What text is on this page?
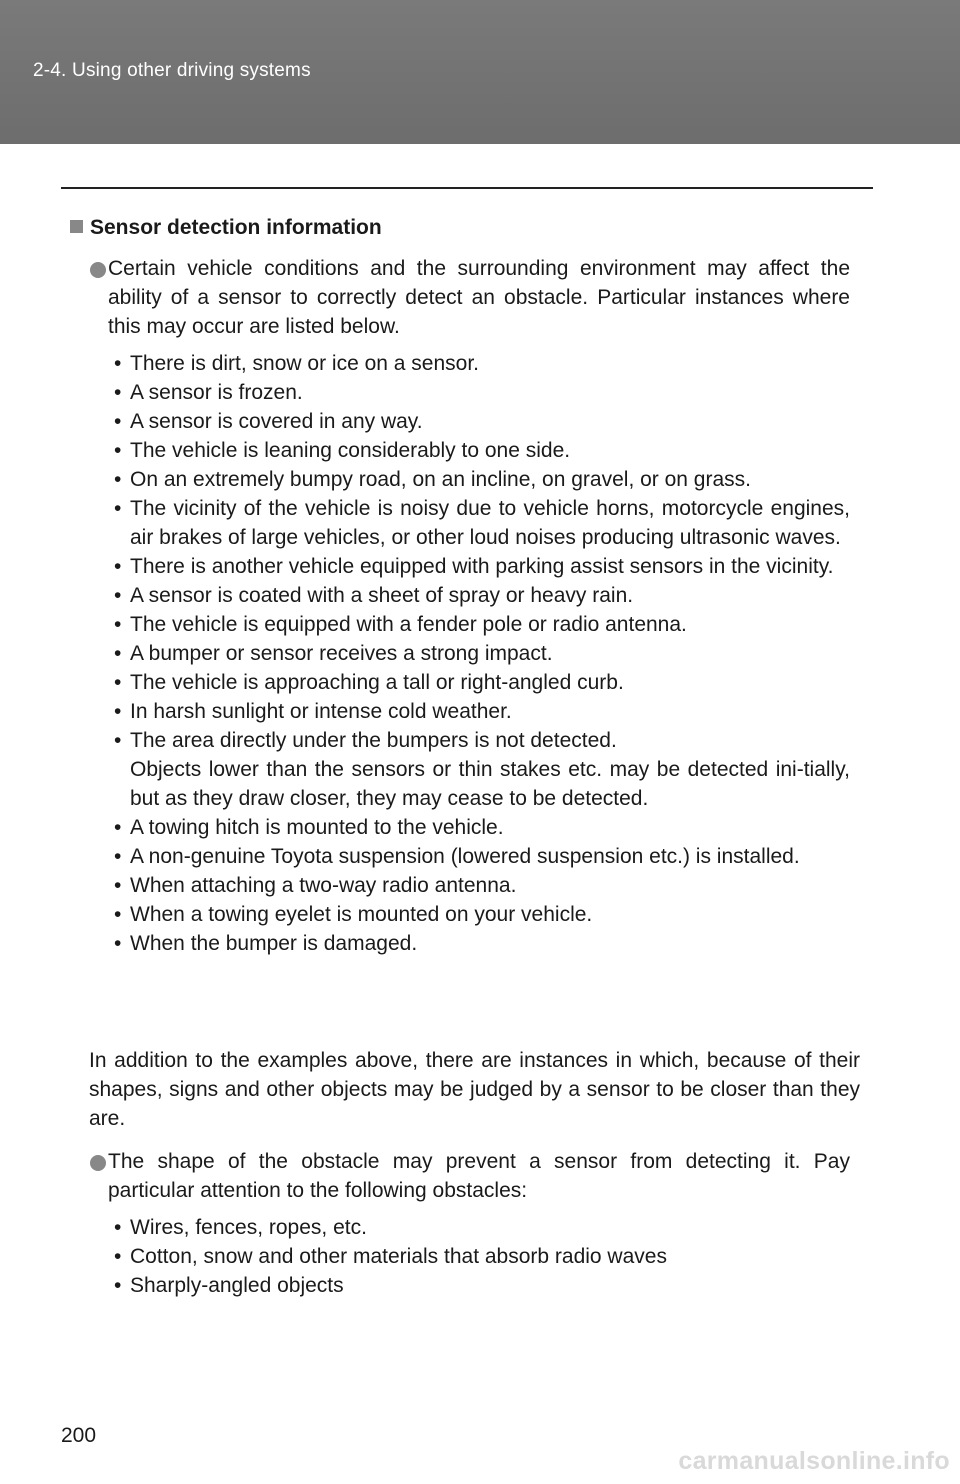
2-4. Using other driving systems
Sensor detection information
Certain vehicle conditions and the surrounding environment may affect the ability of a sensor to correctly detect an obstacle. Particular instances where this may occur are listed below.
• There is dirt, snow or ice on a sensor.
• A sensor is frozen.
• A sensor is covered in any way.
• The vehicle is leaning considerably to one side.
• On an extremely bumpy road, on an incline, on gravel, or on grass.
• The vicinity of the vehicle is noisy due to vehicle horns, motorcycle engines, air brakes of large vehicles, or other loud noises producing ultrasonic waves.
• There is another vehicle equipped with parking assist sensors in the vicinity.
• A sensor is coated with a sheet of spray or heavy rain.
• The vehicle is equipped with a fender pole or radio antenna.
• A bumper or sensor receives a strong impact.
• The vehicle is approaching a tall or right-angled curb.
• In harsh sunlight or intense cold weather.
• The area directly under the bumpers is not detected.
Objects lower than the sensors or thin stakes etc. may be detected ini-tially, but as they draw closer, they may cease to be detected.
• A towing hitch is mounted to the vehicle.
• A non-genuine Toyota suspension (lowered suspension etc.) is installed.
• When attaching a two-way radio antenna.
• When a towing eyelet is mounted on your vehicle.
• When the bumper is damaged.
In addition to the examples above, there are instances in which, because of their shapes, signs and other objects may be judged by a sensor to be closer than they are.
The shape of the obstacle may prevent a sensor from detecting it. Pay particular attention to the following obstacles:
• Wires, fences, ropes, etc.
• Cotton, snow and other materials that absorb radio waves
• Sharply-angled objects
200
carmanualsonline.info
